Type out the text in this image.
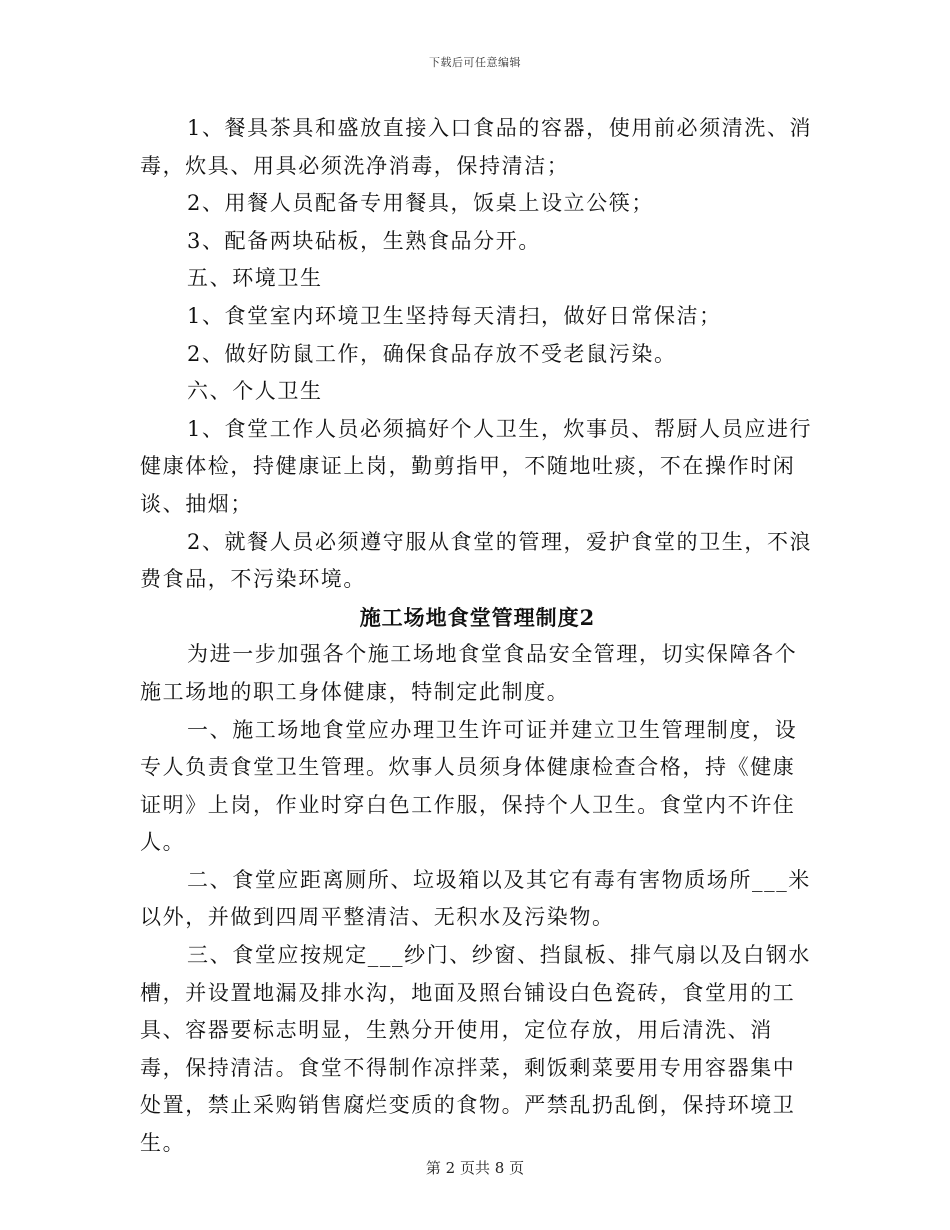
下载后可任意编辑

1、餐具茶具和盛放直接入口食品的容器，使用前必须清洗、消毒，炊具、用具必须洗净消毒，保持清洁；

2、用餐人员配备专用餐具，饭桌上设立公筷；

3、配备两块砧板，生熟食品分开。

五、环境卫生

1、食堂室内环境卫生坚持每天清扫，做好日常保洁；

2、做好防鼠工作，确保食品存放不受老鼠污染。

六、个人卫生

1、食堂工作人员必须搞好个人卫生，炊事员、帮厨人员应进行健康体检，持健康证上岗，勤剪指甲，不随地吐痰，不在操作时闲谈、抽烟；

2、就餐人员必须遵守服从食堂的管理，爱护食堂的卫生，不浪费食品，不污染环境。

施工场地食堂管理制度2

为进一步加强各个施工场地食堂食品安全管理，切实保障各个施工场地的职工身体健康，特制定此制度。

一、施工场地食堂应办理卫生许可证并建立卫生管理制度，设专人负责食堂卫生管理。炊事人员须身体健康检查合格，持《健康证明》上岗，作业时穿白色工作服，保持个人卫生。食堂内不许住人。

二、食堂应距离厕所、垃圾箱以及其它有毒有害物质场所___米以外，并做到四周平整清洁、无积水及污染物。

三、食堂应按规定___纱门、纱窗、挡鼠板、排气扇以及白钢水槽，并设置地漏及排水沟，地面及照台铺设白色瓷砖，食堂用的工具、容器要标志明显，生熟分开使用，定位存放，用后清洗、消毒，保持清洁。食堂不得制作凉拌菜，剩饭剩菜要用专用容器集中处置，禁止采购销售腐烂变质的食物。严禁乱扔乱倒，保持环境卫生。

第 2 页共 8 页
